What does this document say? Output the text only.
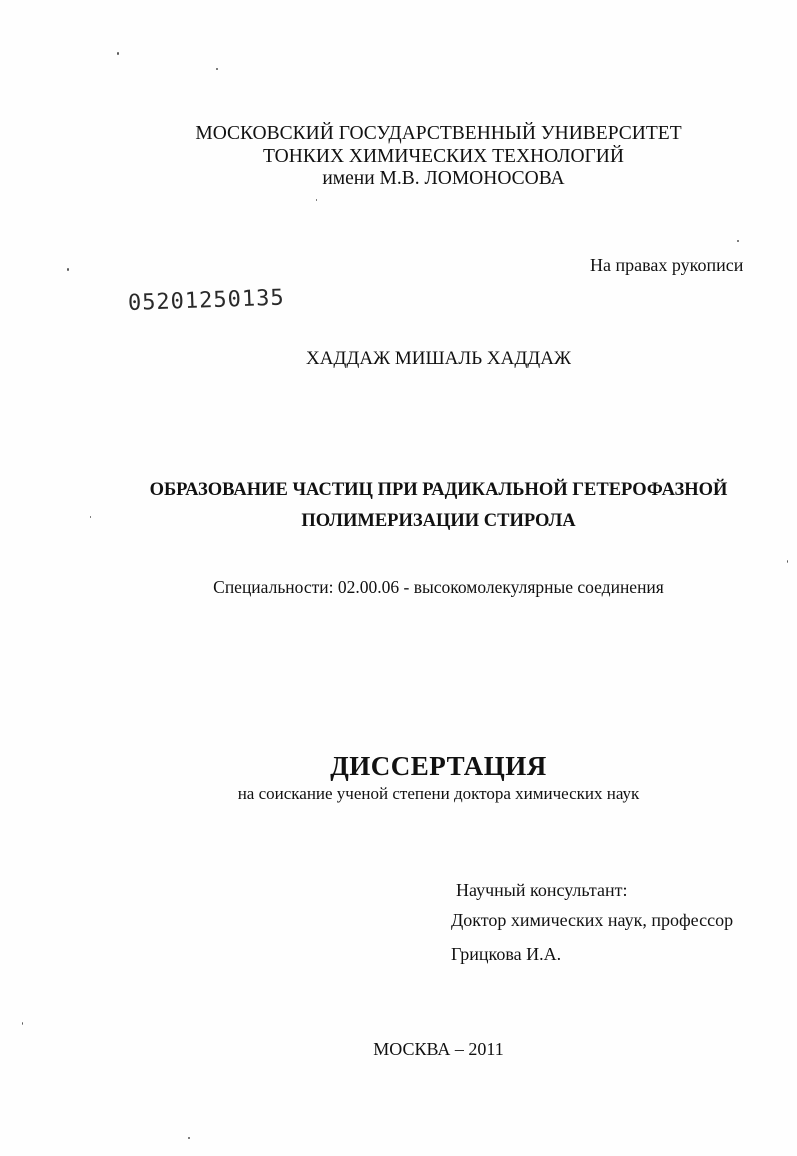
МОСКОВСКИЙ ГОСУДАРСТВЕННЫЙ УНИВЕРСИТЕТ
ТОНКИХ ХИМИЧЕСКИХ ТЕХНОЛОГИЙ
имени М.В. ЛОМОНОСОВА
На правах рукописи
05201250135
ХАДДАЖ МИШАЛЬ ХАДДАЖ
ОБРАЗОВАНИЕ ЧАСТИЦ ПРИ РАДИКАЛЬНОЙ ГЕТЕРОФАЗНОЙ
ПОЛИМЕРИЗАЦИИ СТИРОЛА
Специальности: 02.00.06 - высокомолекулярные соединения
ДИССЕРТАЦИЯ
на соискание ученой степени доктора химических наук
Научный консультант:
Доктор химических наук, профессор
Грицкова И.А.
МОСКВА – 2011
